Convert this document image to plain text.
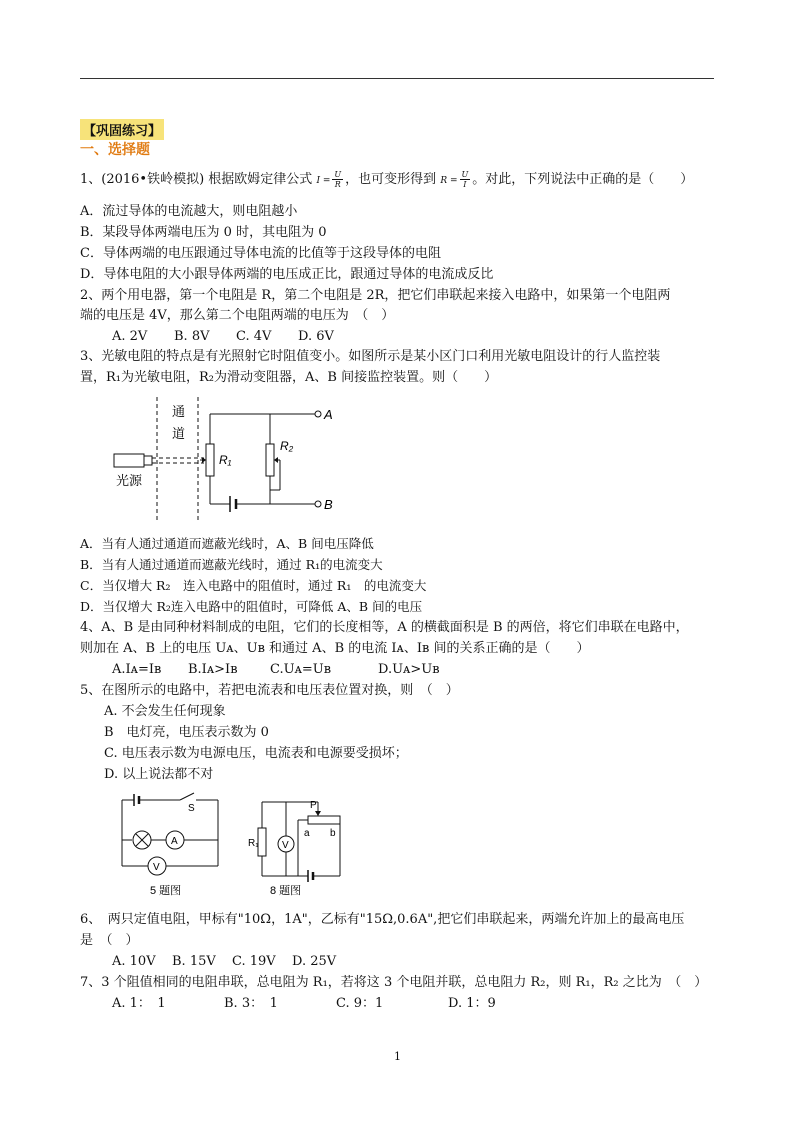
【巩固练习】
一、选择题
1、(2016•铁岭模拟) 根据欧姆定律公式 $I = \frac{U}{R}$ ，也可变形得到 $R = \frac{U}{I}$ 。对此，下列说法中正确的是（　　）
A．流过导体的电流越大，则电阻越小
B．某段导体两端电压为 0 时，其电阻为 0
C．导体两端的电压跟通过导体电流的比值等于这段导体的电阻
D．导体电阻的大小跟导体两端的电压成正比，跟通过导体的电流成反比
2、两个用电器，第一个电阻是 R，第二个电阻是 2R，把它们串联起来接入电路中，如果第一个电阻两
端的电压是 4V，那么第二个电阻两端的电压为　（　）
A. 2V B. 8V C. 4V D. 6V
3、光敏电阻的特点是有光照射它时阻值变小。如图所示是某小区门口利用光敏电阻设计的行人监控装
置，R₁为光敏电阻，R₂为滑动变阻器，A、B 间接监控装置。则（　　）
通
道
光源
R₁
R₂
A
B
A．当有人通过通道而遮蔽光线时，A、B 间电压降低
B．当有人通过通道而遮蔽光线时，通过 R₁的电流变大
C．当仅增大 R₂　连入电路中的阻值时，通过 R₁　的电流变大
D．当仅增大 R₂连入电路中的阻值时，可降低 A、B 间的电压
4、A、B 是由同种材料制成的电阻，它们的长度相等，A 的横截面积是 B 的两倍，将它们串联在电路中，
则加在 A、B 上的电压 Uᴀ、Uʙ 和通过 A、B 的电流 Iᴀ、Iʙ 间的关系正确的是（　　）
A.Iᴀ=Iʙ B.Iᴀ>Iʙ C.Uᴀ=Uʙ	D.Uᴀ>Uʙ
5、在图所示的电路中，若把电流表和电压表位置对换，则　（　）
A. 不会发生任何现象
B　电灯亮，电压表示数为 0
C. 电压表示数为电源电压，电流表和电源要受损坏；
D. 以上说法都不对
S
A
V
5 题图
R₁
P
a b
V
8 题图
6、　两只定值电阻，甲标有"10Ω，1A"，乙标有"15Ω,0.6A",把它们串联起来，两端允许加上的最高电压
是　（　）
A. 10V B. 15V C. 19V D. 25V
7、3 个阻值相同的电阻串联，总电阻为 R₁，若将这 3 个电阻并联，总电阻力 R₂，则 R₁，R₂ 之比为　（　）
A. 1：　1	B. 3：　1	C. 9：1	D. 1：9
1
